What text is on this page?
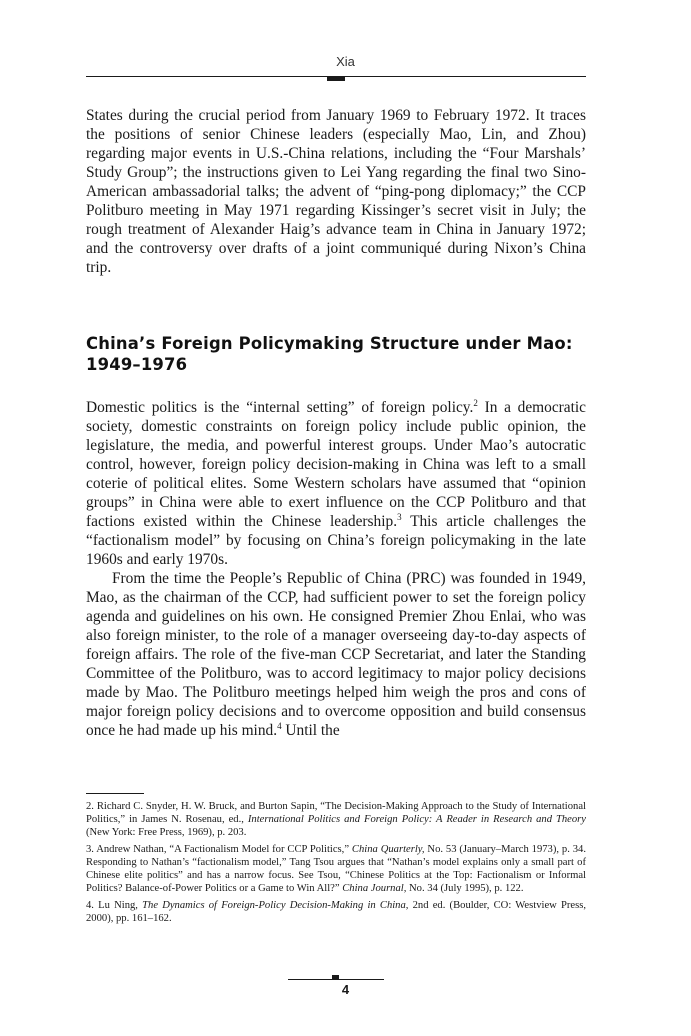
Xia

States during the crucial period from January 1969 to February 1972. It traces the positions of senior Chinese leaders (especially Mao, Lin, and Zhou) regarding major events in U.S.-China relations, including the “Four Marshals’ Study Group”; the instructions given to Lei Yang regarding the final two Sino-American ambassadorial talks; the advent of “ping-pong diplomacy;” the CCP Politburo meeting in May 1971 regarding Kissinger’s secret visit in July; the rough treatment of Alexander Haig’s advance team in China in January 1972; and the controversy over drafts of a joint communiqué during Nixon’s China trip.

China’s Foreign Policymaking Structure under Mao: 1949–1976

Domestic politics is the “internal setting” of foreign policy.$^2$ In a democratic society, domestic constraints on foreign policy include public opinion, the legislature, the media, and powerful interest groups. Under Mao’s autocratic control, however, foreign policy decision-making in China was left to a small coterie of political elites. Some Western scholars have assumed that “opinion groups” in China were able to exert influence on the CCP Politburo and that factions existed within the Chinese leadership.$^3$ This article challenges the “factionalism model” by focusing on China’s foreign policymaking in the late 1960s and early 1970s.

From the time the People’s Republic of China (PRC) was founded in 1949, Mao, as the chairman of the CCP, had sufficient power to set the foreign policy agenda and guidelines on his own. He consigned Premier Zhou Enlai, who was also foreign minister, to the role of a manager overseeing day-to-day aspects of foreign affairs. The role of the five-man CCP Secretariat, and later the Standing Committee of the Politburo, was to accord legitimacy to major policy decisions made by Mao. The Politburo meetings helped him weigh the pros and cons of major foreign policy decisions and to overcome opposition and build consensus once he had made up his mind.$^4$ Until the

2. Richard C. Snyder, H. W. Bruck, and Burton Sapin, “The Decision-Making Approach to the Study of International Politics,” in James N. Rosenau, ed., International Politics and Foreign Policy: A Reader in Research and Theory (New York: Free Press, 1969), p. 203.

3. Andrew Nathan, “A Factionalism Model for CCP Politics,” China Quarterly, No. 53 (January–March 1973), p. 34. Responding to Nathan’s “factionalism model,” Tang Tsou argues that “Nathan’s model explains only a small part of Chinese elite politics” and has a narrow focus. See Tsou, “Chinese Politics at the Top: Factionalism or Informal Politics? Balance-of-Power Politics or a Game to Win All?” China Journal, No. 34 (July 1995), p. 122.

4. Lu Ning, The Dynamics of Foreign-Policy Decision-Making in China, 2nd ed. (Boulder, CO: Westview Press, 2000), pp. 161–162.

4
